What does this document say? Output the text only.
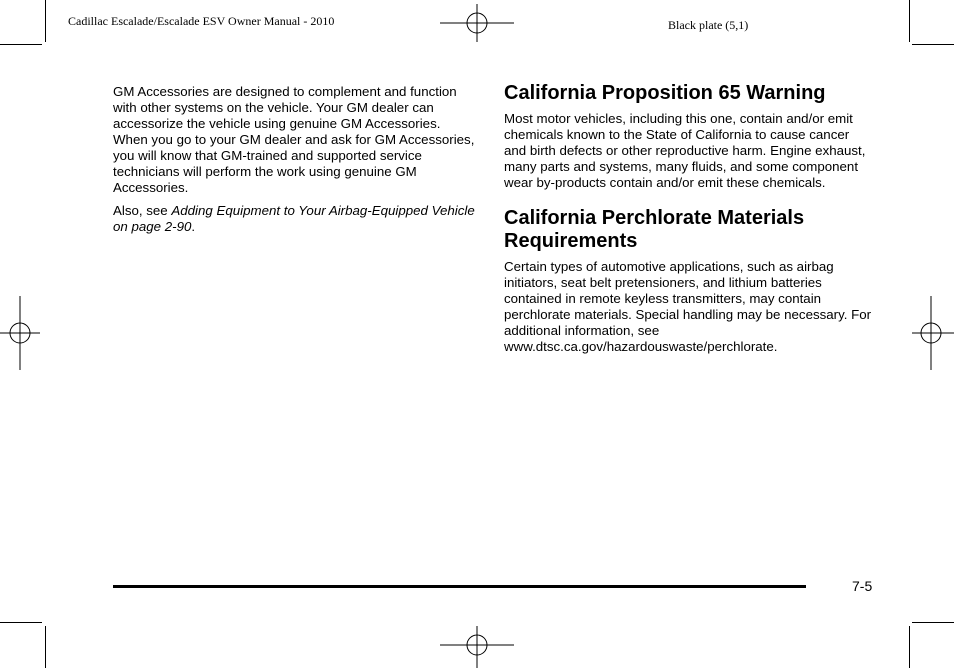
Cadillac Escalade/Escalade ESV Owner Manual - 2010	Black plate (5,1)

GM Accessories are designed to complement and function with other systems on the vehicle. Your GM dealer can accessorize the vehicle using genuine GM Accessories. When you go to your GM dealer and ask for GM Accessories, you will know that GM-trained and supported service technicians will perform the work using genuine GM Accessories.

Also, see Adding Equipment to Your Airbag-Equipped Vehicle on page 2-90.

California Proposition 65 Warning

Most motor vehicles, including this one, contain and/or emit chemicals known to the State of California to cause cancer and birth defects or other reproductive harm. Engine exhaust, many parts and systems, many fluids, and some component wear by-products contain and/or emit these chemicals.

California Perchlorate Materials Requirements

Certain types of automotive applications, such as airbag initiators, seat belt pretensioners, and lithium batteries contained in remote keyless transmitters, may contain perchlorate materials. Special handling may be necessary. For additional information, see www.dtsc.ca.gov/hazardouswaste/perchlorate.

7-5
